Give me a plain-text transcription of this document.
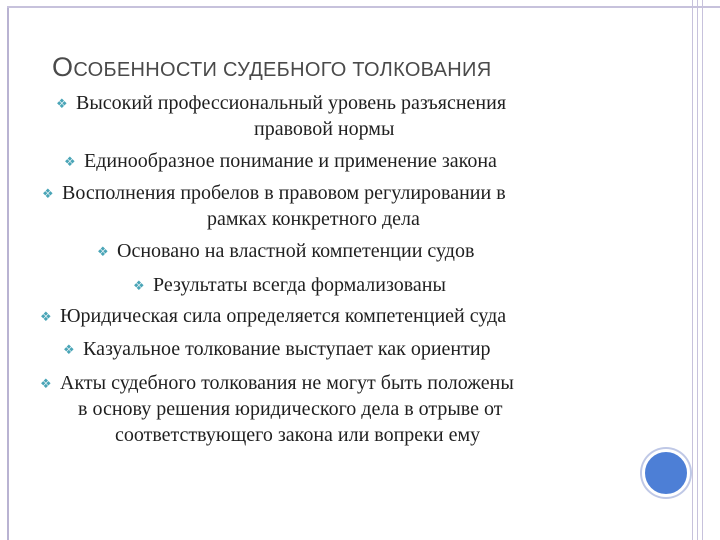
ОСОБЕННОСТИ СУДЕБНОГО ТОЛКОВАНИЯ
❖ Высокий профессиональный уровень разъяснения
правовой нормы
❖ Единообразное понимание и применение закона
❖ Восполнения пробелов в правовом регулировании в
рамках конкретного дела
❖ Основано на властной компетенции судов
❖ Результаты всегда формализованы
❖ Юридическая сила определяется компетенцией суда
❖ Казуальное толкование выступает как ориентир
❖ Акты судебного толкования не могут быть положены
в основу решения юридического дела в отрыве от
соответствующего закона или вопреки ему
